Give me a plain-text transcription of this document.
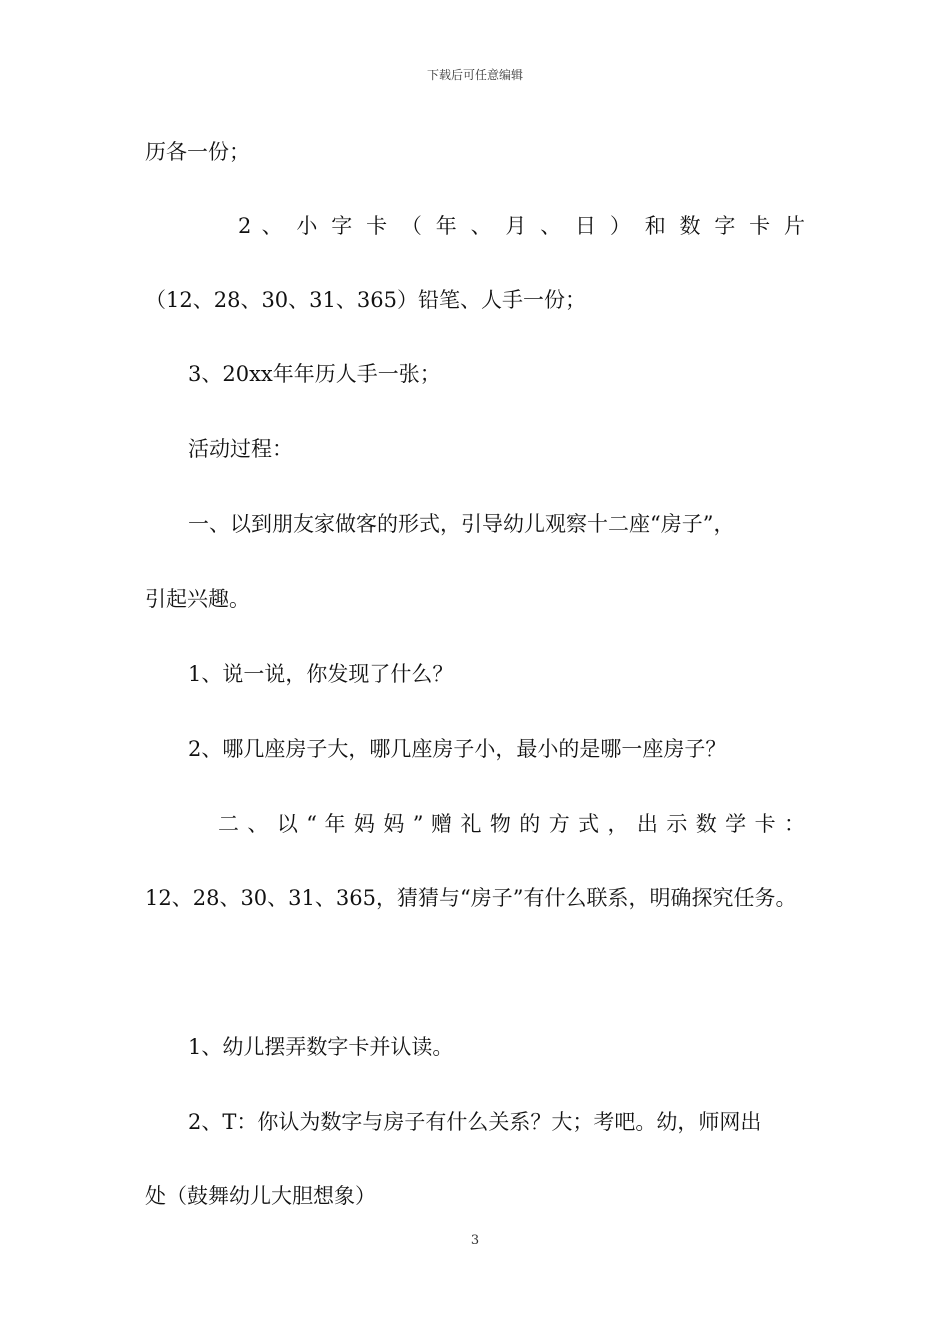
下载后可任意编辑
历各一份；
2 、 小 字 卡 （ 年 、 月 、 日 ） 和 数 字 卡 片
（12、28、30、31、365）铅笔、人手一份；
3、20xx年年历人手一张；
活动过程：
一、以到朋友家做客的形式，引导幼儿观察十二座“房子”，
引起兴趣。
1、说一说，你发现了什么？
2、哪几座房子大，哪几座房子小，最小的是哪一座房子？
二 、 以 “ 年 妈 妈 ” 赠 礼 物 的 方 式 ， 出 示 数 学 卡 ：
12、28、30、31、365，猜猜与“房子”有什么联系，明确探究任务。
1、幼儿摆弄数字卡并认读。
2、T：你认为数字与房子有什么关系？大；考吧。幼，师网出
处（鼓舞幼儿大胆想象）
3
